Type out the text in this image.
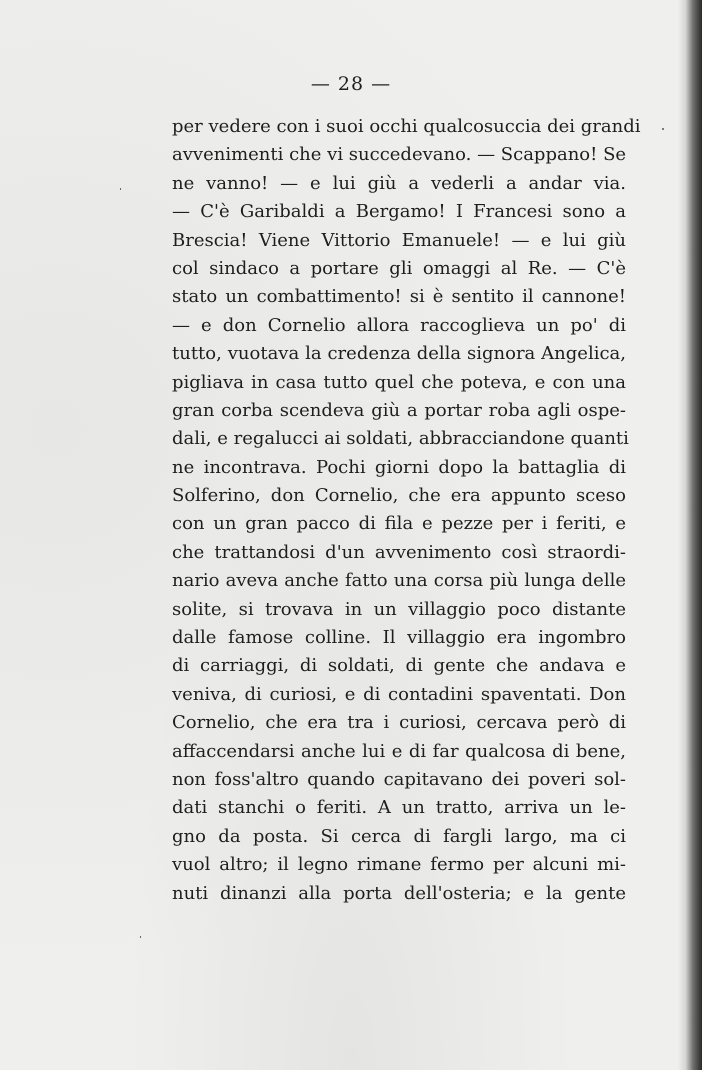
— 28 —
per vedere con i suoi occhi qualcosuccia dei grandi
avvenimenti che vi succedevano. — Scappano! Se
ne vanno! — e lui giù a vederli a andar via.
— C'è Garibaldi a Bergamo! I Francesi sono a
Brescia! Viene Vittorio Emanuele! — e lui giù
col sindaco a portare gli omaggi al Re. — C'è
stato un combattimento! si è sentito il cannone!
— e don Cornelio allora raccoglieva un po' di
tutto, vuotava la credenza della signora Angelica,
pigliava in casa tutto quel che poteva, e con una
gran corba scendeva giù a portar roba agli ospe-
dali, e regalucci ai soldati, abbracciandone quanti
ne incontrava. Pochi giorni dopo la battaglia di
Solferino, don Cornelio, che era appunto sceso
con un gran pacco di fila e pezze per i feriti, e
che trattandosi d'un avvenimento così straordi-
nario aveva anche fatto una corsa più lunga delle
solite, si trovava in un villaggio poco distante
dalle famose colline. Il villaggio era ingombro
di carriaggi, di soldati, di gente che andava e
veniva, di curiosi, e di contadini spaventati. Don
Cornelio, che era tra i curiosi, cercava però di
affaccendarsi anche lui e di far qualcosa di bene,
non foss'altro quando capitavano dei poveri sol-
dati stanchi o feriti. A un tratto, arriva un le-
gno da posta. Si cerca di fargli largo, ma ci
vuol altro; il legno rimane fermo per alcuni mi-
nuti dinanzi alla porta dell'osteria; e la gente
